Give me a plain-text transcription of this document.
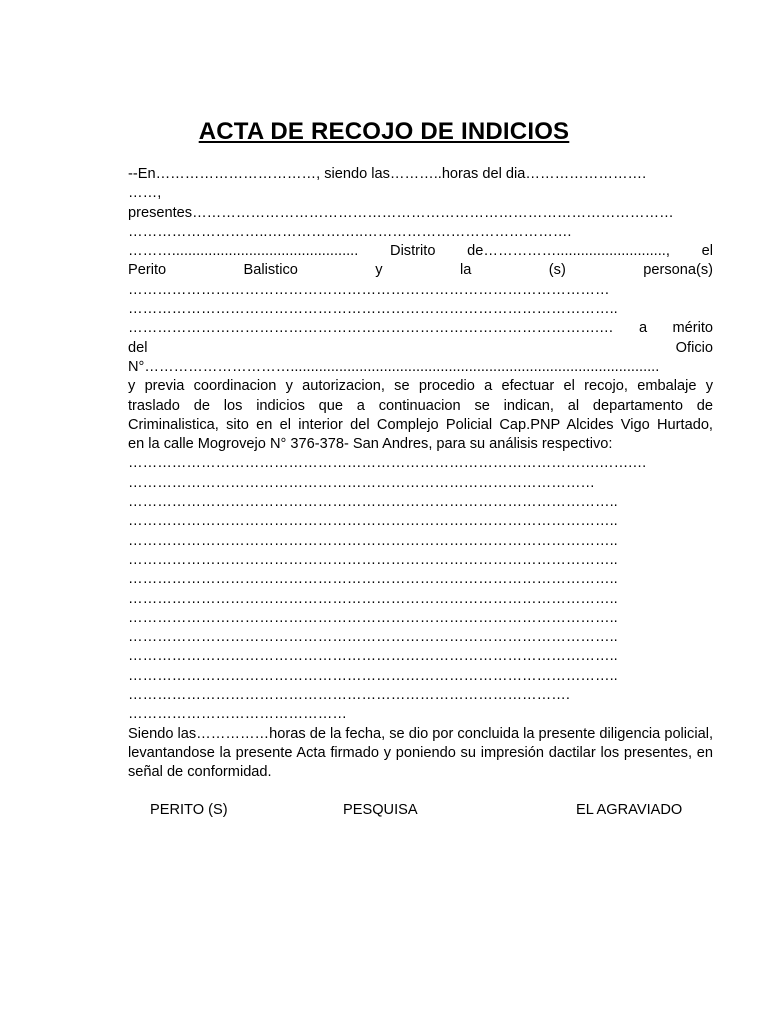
ACTA DE RECOJO DE INDICIOS
--En……………………………, siendo las………..horas del dia…………………….
……,
presentes………………………………………………………………………………………
………………………..………………..…………………………………….
……….............................................. Distrito de……………..........................., el
Perito Balistico y la (s) persona(s)
………………………………………………………………………………………
………………………………………………………………………………………..
…………………………………………………………………………………….… a mérito
del Oficio
N°…………………………...........................................................................................
y previa coordinacion y autorizacion, se procedio a efectuar el recojo, embalaje y
traslado de los indicios que a continuacion se indican, al departamento de
Criminalistica, sito en el interior del Complejo Policial Cap.PNP Alcides Vigo Hurtado,
en la calle Mogrovejo N° 376-378- San Andres, para su análisis respectivo:
…………………………………………………………………………………….…….…
……………………………………………………………………………………
………………………………………………………………………………………..
………………………………………………………………………………………..
………………………………………………………………………………………..
………………………………………………………………………………………..
………………………………………………………………………………………..
………………………………………………………………………………………..
………………………………………………………………………………………..
………………………………………………………………………………………..
………………………………………………………………………………………..
………………………………………………………………………………………..
……………………………………………………………………………….
………………………………………
Siendo las……………horas de la fecha, se dio por concluida la presente diligencia policial, levantandose la presente Acta firmado y poniendo su impresión dactilar los presentes, en señal de conformidad.
PERITO (S)	PESQUISA	EL AGRAVIADO
